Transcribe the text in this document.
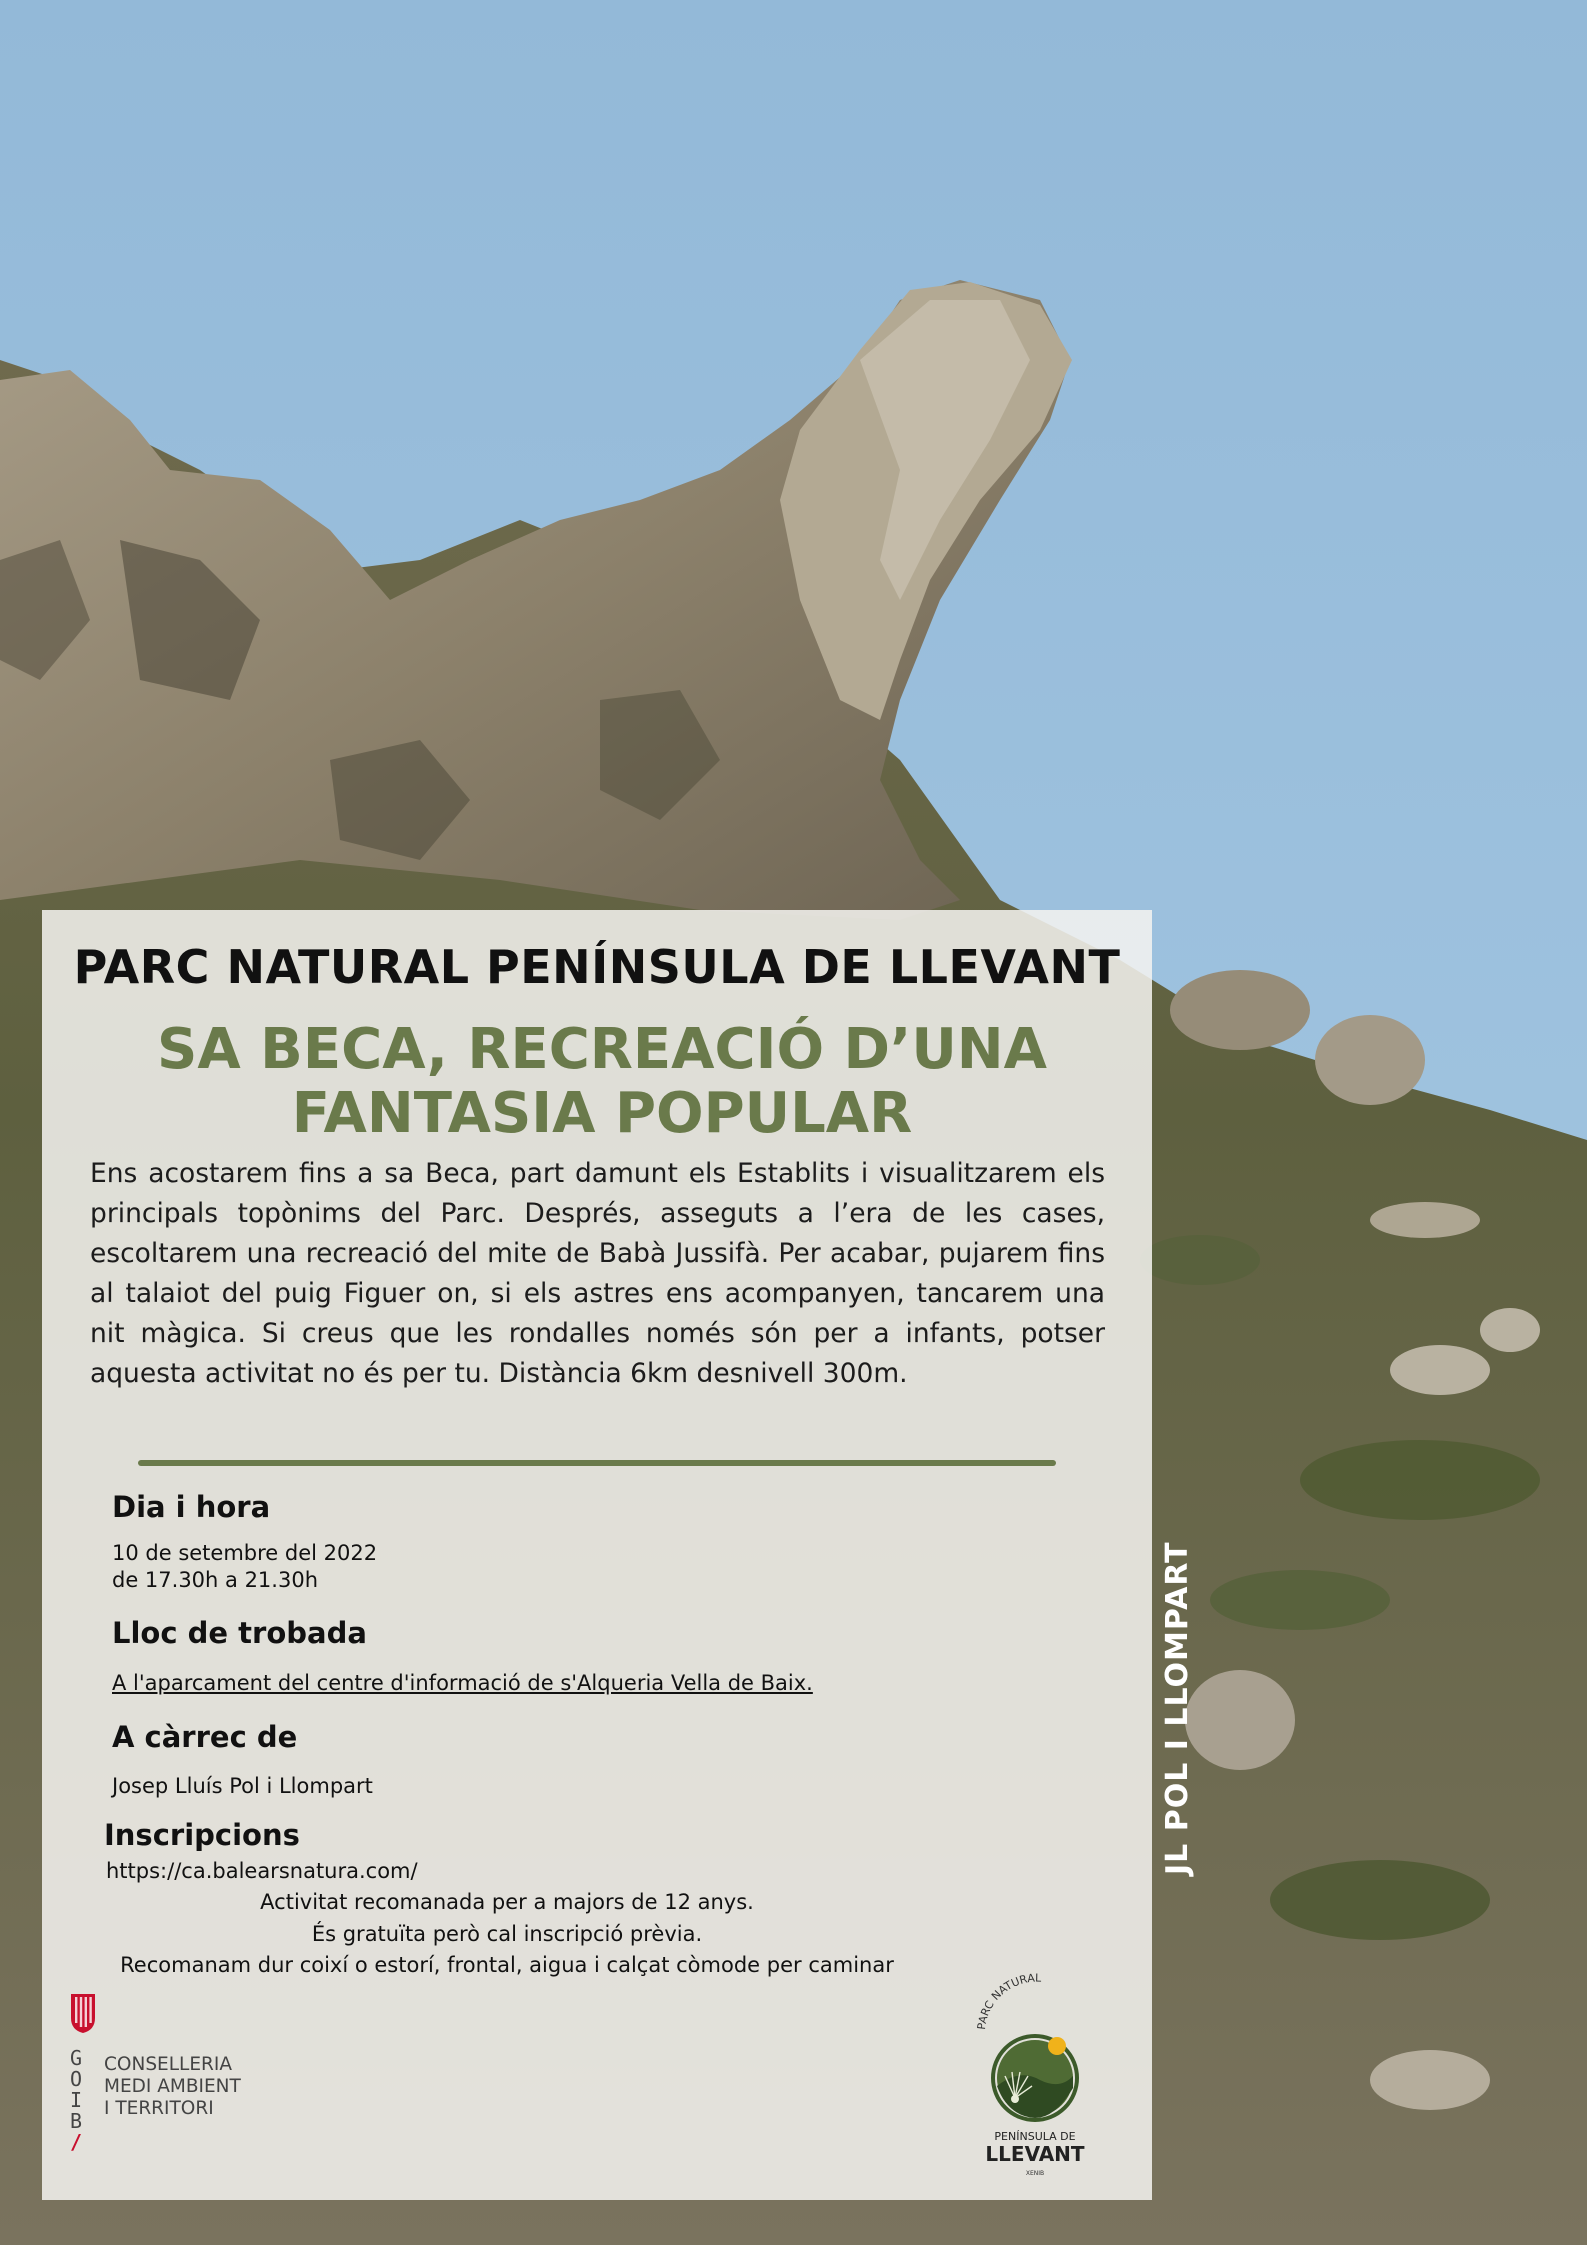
PARC NATURAL PENÍNSULA DE LLEVANT
SA BECA, RECREACIÓ D’UNA
FANTASIA POPULAR
Ens acostarem fins a sa Beca, part damunt els Establits i visualitzarem els principals topònims del Parc. Després, asseguts a l’era de les cases, escoltarem una recreació del mite de Babà Jussifà. Per acabar, pujarem fins al talaiot del puig Figuer on, si els astres ens acompanyen, tancarem una nit màgica. Si creus que les rondalles només són per a infants, potser aquesta activitat no és per tu. Distància 6km desnivell 300m.
Dia i hora
10 de setembre del 2022
de 17.30h a 21.30h
Lloc de trobada
A l'aparcament del centre d'informació de s'Alqueria Vella de Baix.
A càrrec de
Josep Lluís Pol i Llompart
Inscripcions
https://ca.balearsnatura.com/
Activitat recomanada per a majors de 12 anys.
És gratuïta però cal inscripció prèvia.
Recomanam dur coixí o estorí, frontal, aigua i calçat còmode per caminar
G
O
I
B
/
CONSELLERIA
MEDI AMBIENT
I TERRITORI
PARC NATURAL
PENÍNSULA DE
LLEVANT
XENIB
JL POL I LLOMPART
